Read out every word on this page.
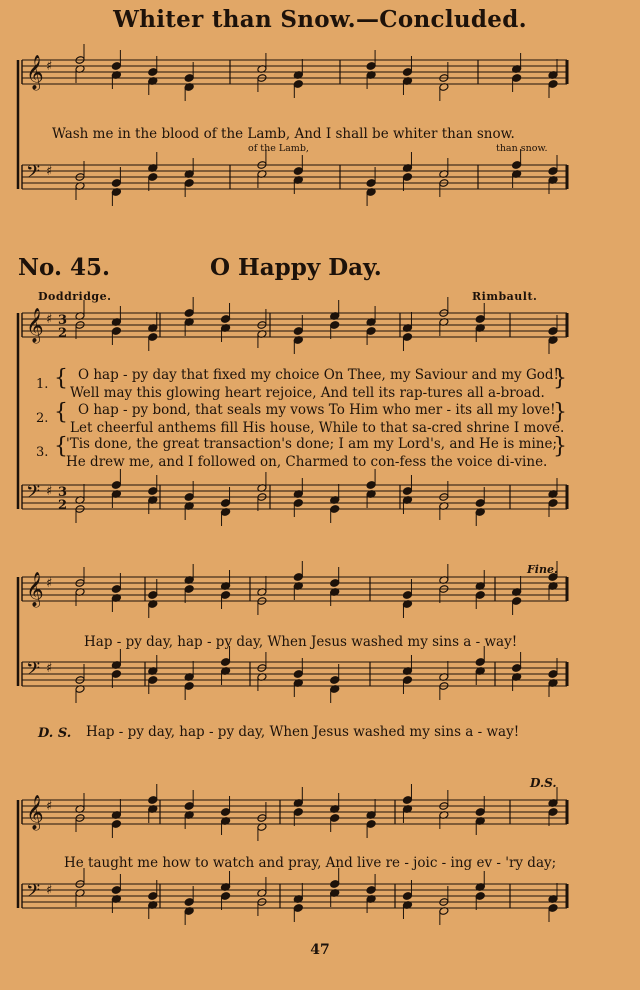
𝄞 ♯
𝄢 ♯
𝄞 ♯
𝄢 ♯
𝄞 ♯
𝄢 ♯
𝄞 ♯
𝄢 ♯
3
2
3
2
Whiter than Snow.—Concluded.
Wash me in the blood of the Lamb, And I shall be whiter than snow.
of the Lamb,	than snow.
No. 45.	O Happy Day.
Doddridge.	Rimbault.
1. { O hap - py day that fixed my choice On Thee, my Saviour and my God!
Well may this glowing heart rejoice, And tell its rap-tures all a-broad.
}
2. { O hap - py bond, that seals my vows To Him who mer - its all my love!
Let cheerful anthems fill His house, While to that sa-cred shrine I move.
}
3. {
'Tis done, the great transaction's done; I am my Lord's, and He is mine;
He drew me, and I followed on, Charmed to con-fess the voice di-vine.
}
Fine.
Hap - py day, hap - py day, When Jesus washed my sins a - way!
D. S. Hap - py day, hap - py day, When Jesus washed my sins a - way!
D.S.
He taught me how to watch and pray, And live re - joic - ing ev - 'ry day;
47
